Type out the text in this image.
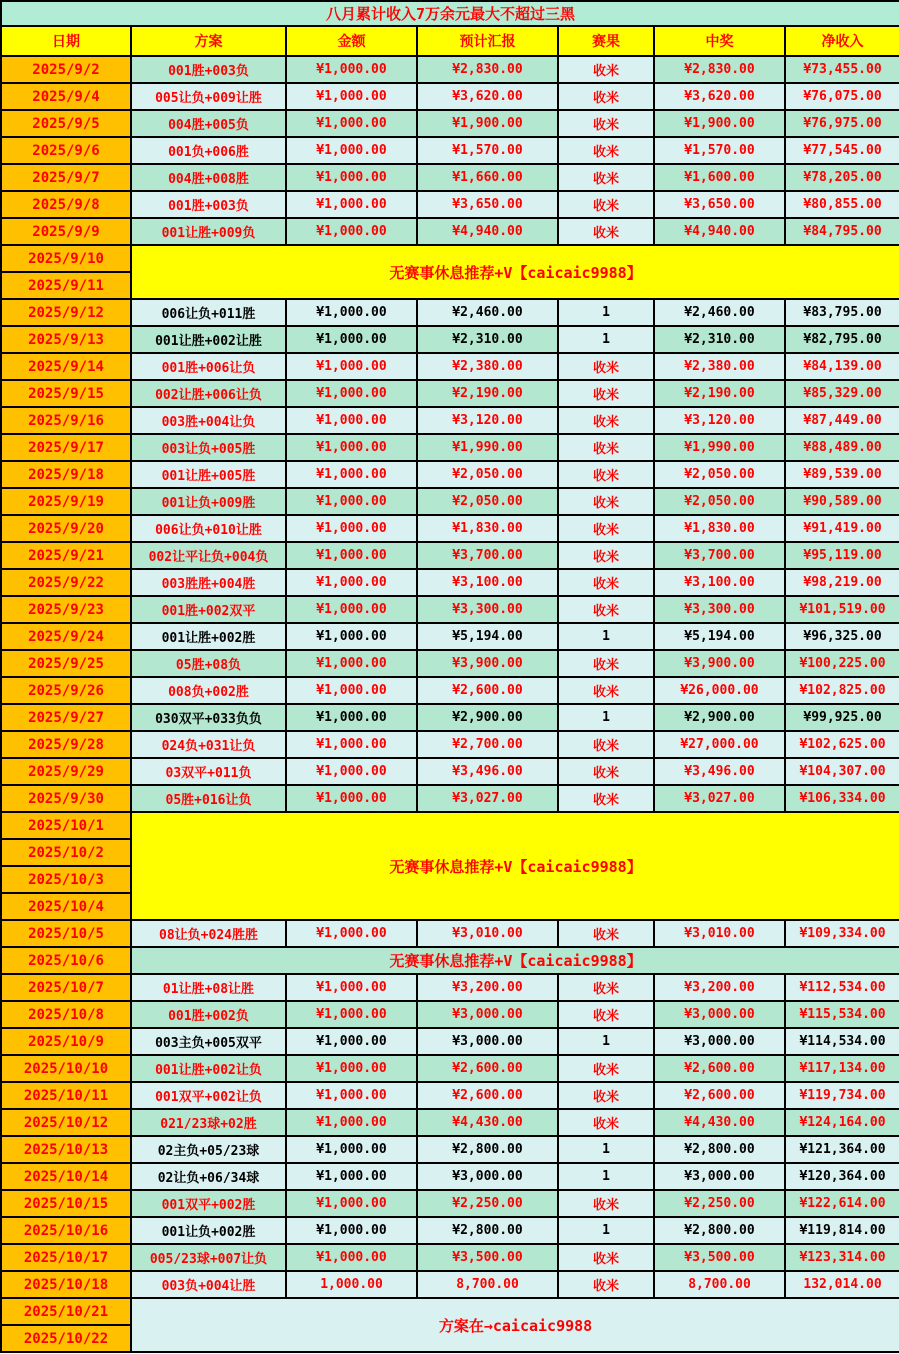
八月累计收入7万余元最大不超过三黑						
日期	方案	金额	预计汇报	赛果	中奖	净收入
2025/9/2	001胜+003负	¥1,000.00	¥2,830.00	收米	¥2,830.00	¥73,455.00
2025/9/4	005让负+009让胜	¥1,000.00	¥3,620.00	收米	¥3,620.00	¥76,075.00
2025/9/5	004胜+005负	¥1,000.00	¥1,900.00	收米	¥1,900.00	¥76,975.00
2025/9/6	001负+006胜	¥1,000.00	¥1,570.00	收米	¥1,570.00	¥77,545.00
2025/9/7	004胜+008胜	¥1,000.00	¥1,660.00	收米	¥1,600.00	¥78,205.00
2025/9/8	001胜+003负	¥1,000.00	¥3,650.00	收米	¥3,650.00	¥80,855.00
2025/9/9	001让胜+009负	¥1,000.00	¥4,940.00	收米	¥4,940.00	¥84,795.00
2025/9/10	无赛事休息推荐+V【caicaic9988】					
2025/9/11						
2025/9/12	006让负+011胜	¥1,000.00	¥2,460.00	1	¥2,460.00	¥83,795.00
2025/9/13	001让胜+002让胜	¥1,000.00	¥2,310.00	1	¥2,310.00	¥82,795.00
2025/9/14	001胜+006让负	¥1,000.00	¥2,380.00	收米	¥2,380.00	¥84,139.00
2025/9/15	002让胜+006让负	¥1,000.00	¥2,190.00	收米	¥2,190.00	¥85,329.00
2025/9/16	003胜+004让负	¥1,000.00	¥3,120.00	收米	¥3,120.00	¥87,449.00
2025/9/17	003让负+005胜	¥1,000.00	¥1,990.00	收米	¥1,990.00	¥88,489.00
2025/9/18	001让胜+005胜	¥1,000.00	¥2,050.00	收米	¥2,050.00	¥89,539.00
2025/9/19	001让负+009胜	¥1,000.00	¥2,050.00	收米	¥2,050.00	¥90,589.00
2025/9/20	006让负+010让胜	¥1,000.00	¥1,830.00	收米	¥1,830.00	¥91,419.00
2025/9/21	002让平让负+004负	¥1,000.00	¥3,700.00	收米	¥3,700.00	¥95,119.00
2025/9/22	003胜胜+004胜	¥1,000.00	¥3,100.00	收米	¥3,100.00	¥98,219.00
2025/9/23	001胜+002双平	¥1,000.00	¥3,300.00	收米	¥3,300.00	¥101,519.00
2025/9/24	001让胜+002胜	¥1,000.00	¥5,194.00	1	¥5,194.00	¥96,325.00
2025/9/25	05胜+08负	¥1,000.00	¥3,900.00	收米	¥3,900.00	¥100,225.00
2025/9/26	008负+002胜	¥1,000.00	¥2,600.00	收米	¥26,000.00	¥102,825.00
2025/9/27	030双平+033负负	¥1,000.00	¥2,900.00	1	¥2,900.00	¥99,925.00
2025/9/28	024负+031让负	¥1,000.00	¥2,700.00	收米	¥27,000.00	¥102,625.00
2025/9/29	03双平+011负	¥1,000.00	¥3,496.00	收米	¥3,496.00	¥104,307.00
2025/9/30	05胜+016让负	¥1,000.00	¥3,027.00	收米	¥3,027.00	¥106,334.00
2025/10/1	无赛事休息推荐+V【caicaic9988】					
2025/10/2						
2025/10/3						
2025/10/4						
2025/10/5	08让负+024胜胜	¥1,000.00	¥3,010.00	收米	¥3,010.00	¥109,334.00
2025/10/6	无赛事休息推荐+V【caicaic9988】					
2025/10/7	01让胜+08让胜	¥1,000.00	¥3,200.00	收米	¥3,200.00	¥112,534.00
2025/10/8	001胜+002负	¥1,000.00	¥3,000.00	收米	¥3,000.00	¥115,534.00
2025/10/9	003主负+005双平	¥1,000.00	¥3,000.00	1	¥3,000.00	¥114,534.00
2025/10/10	001让胜+002让负	¥1,000.00	¥2,600.00	收米	¥2,600.00	¥117,134.00
2025/10/11	001双平+002让负	¥1,000.00	¥2,600.00	收米	¥2,600.00	¥119,734.00
2025/10/12	021/23球+02胜	¥1,000.00	¥4,430.00	收米	¥4,430.00	¥124,164.00
2025/10/13	02主负+05/23球	¥1,000.00	¥2,800.00	1	¥2,800.00	¥121,364.00
2025/10/14	02让负+06/34球	¥1,000.00	¥3,000.00	1	¥3,000.00	¥120,364.00
2025/10/15	001双平+002胜	¥1,000.00	¥2,250.00	收米	¥2,250.00	¥122,614.00
2025/10/16	001让负+002胜	¥1,000.00	¥2,800.00	1	¥2,800.00	¥119,814.00
2025/10/17	005/23球+007让负	¥1,000.00	¥3,500.00	收米	¥3,500.00	¥123,314.00
2025/10/18	003负+004让胜	1,000.00	8,700.00	收米	8,700.00	132,014.00
2025/10/21	方案在→caicaic9988					
2025/10/22						
